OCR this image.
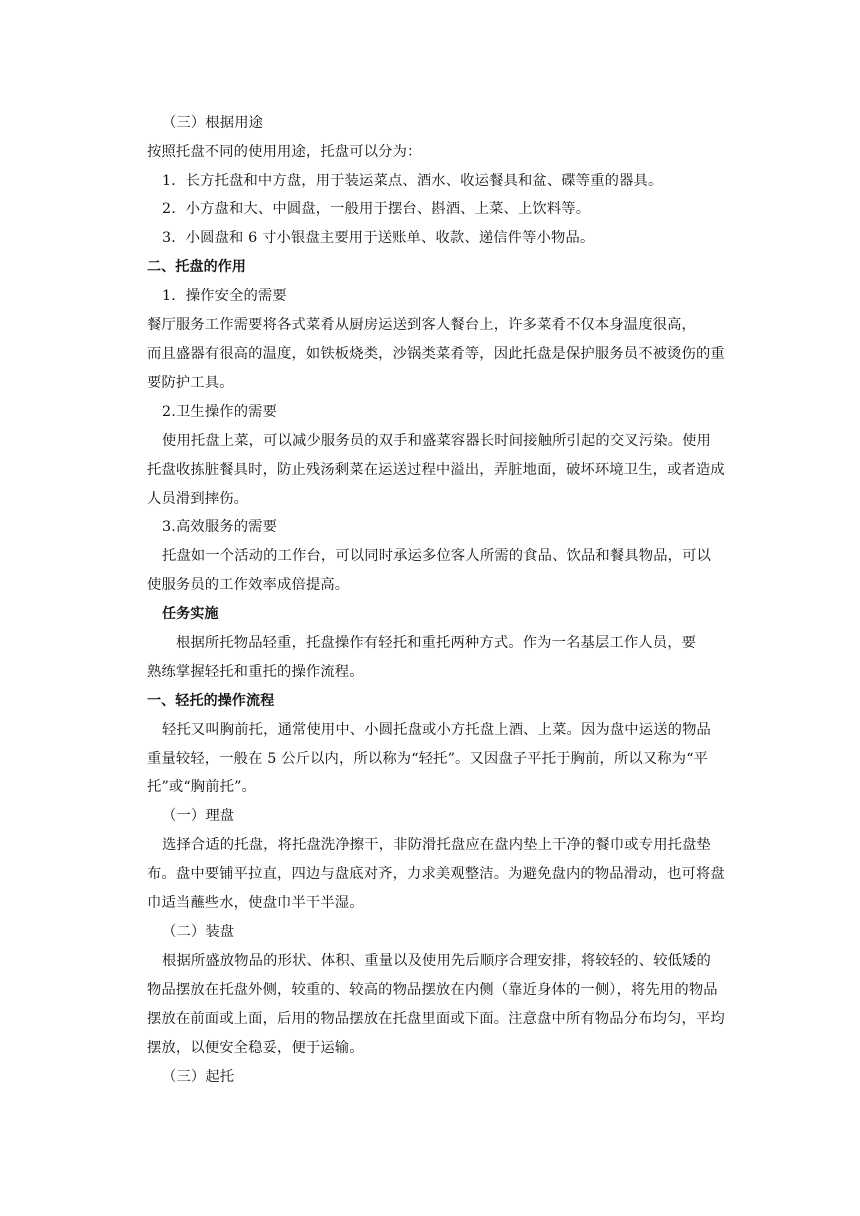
（三）根据用途
按照托盘不同的使用用途，托盘可以分为：
1．长方托盘和中方盘，用于装运菜点、酒水、收运餐具和盆、碟等重的器具。
2．小方盘和大、中圆盘，一般用于摆台、斟酒、上菜、上饮料等。
3．小圆盘和 6 寸小银盘主要用于送账单、收款、递信件等小物品。
二、托盘的作用
1．操作安全的需要
餐厅服务工作需要将各式菜肴从厨房运送到客人餐台上，许多菜肴不仅本身温度很高，
而且盛器有很高的温度，如铁板烧类，沙锅类菜肴等，因此托盘是保护服务员不被烫伤的重
要防护工具。
2.卫生操作的需要
使用托盘上菜，可以减少服务员的双手和盛菜容器长时间接触所引起的交叉污染。使用
托盘收拣脏餐具时，防止残汤剩菜在运送过程中溢出，弄脏地面，破坏环境卫生，或者造成
人员滑到摔伤。
3.高效服务的需要
托盘如一个活动的工作台，可以同时承运多位客人所需的食品、饮品和餐具物品，可以
使服务员的工作效率成倍提高。
任务实施
根据所托物品轻重，托盘操作有轻托和重托两种方式。作为一名基层工作人员，要
熟练掌握轻托和重托的操作流程。
一、轻托的操作流程
轻托又叫胸前托，通常使用中、小圆托盘或小方托盘上酒、上菜。因为盘中运送的物品
重量较轻，一般在 5 公斤以内，所以称为“轻托”。又因盘子平托于胸前，所以又称为“平
托”或“胸前托”。
（一）理盘
选择合适的托盘，将托盘洗净擦干，非防滑托盘应在盘内垫上干净的餐巾或专用托盘垫
布。盘中要铺平拉直，四边与盘底对齐，力求美观整洁。为避免盘内的物品滑动，也可将盘
巾适当蘸些水，使盘巾半干半湿。
（二）装盘
根据所盛放物品的形状、体积、重量以及使用先后顺序合理安排，将较轻的、较低矮的
物品摆放在托盘外侧，较重的、较高的物品摆放在内侧（靠近身体的一侧），将先用的物品
摆放在前面或上面，后用的物品摆放在托盘里面或下面。注意盘中所有物品分布均匀，平均
摆放，以便安全稳妥，便于运输。
（三）起托
